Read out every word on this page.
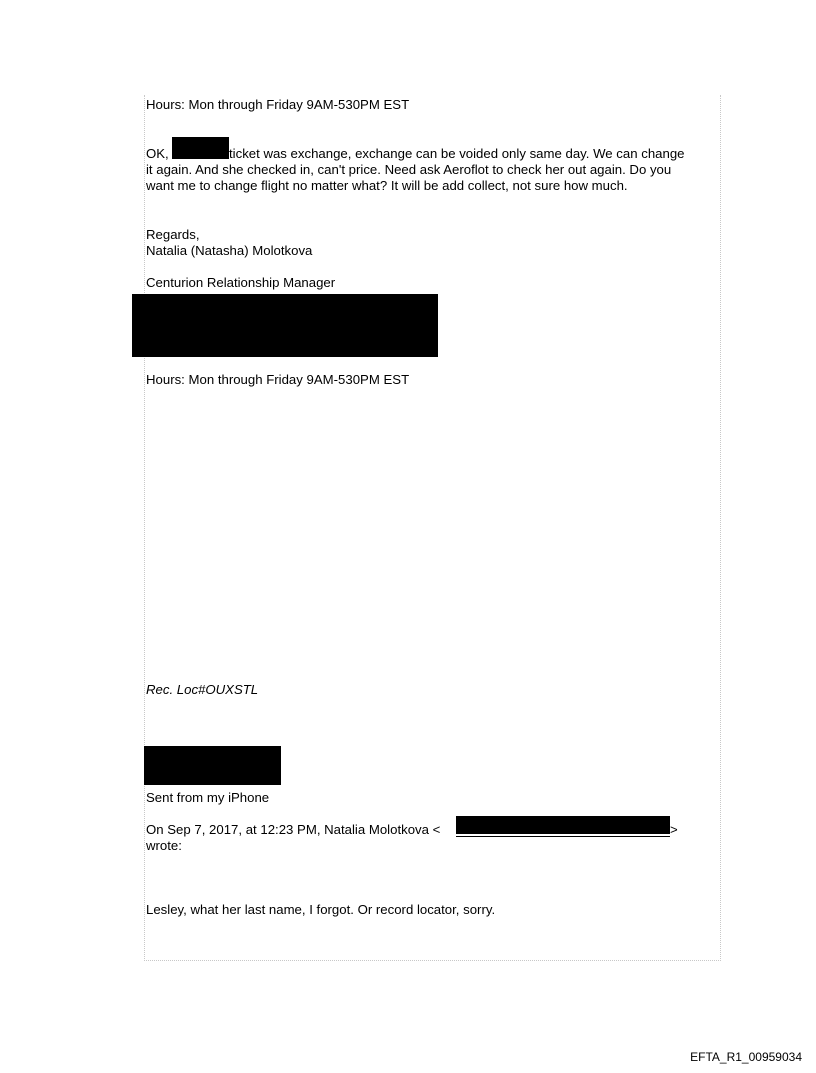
Hours: Mon through Friday 9AM-530PM EST
OK,	ticket was exchange, exchange can be voided only same day. We can change
it again. And she checked in, can't price. Need ask Aeroflot to check her out again. Do you
want me to change flight no matter what? It will be add collect, not sure how much.
Regards,
Natalia (Natasha) Molotkova
Centurion Relationship Manager
Hours: Mon through Friday 9AM-530PM EST
Rec. Loc#OUXSTL
Sent from my iPhone
On Sep 7, 2017, at 12:23 PM, Natalia Molotkova <	>
wrote:
Lesley, what her last name, I forgot. Or record locator, sorry.
EFTA_R1_00959034
